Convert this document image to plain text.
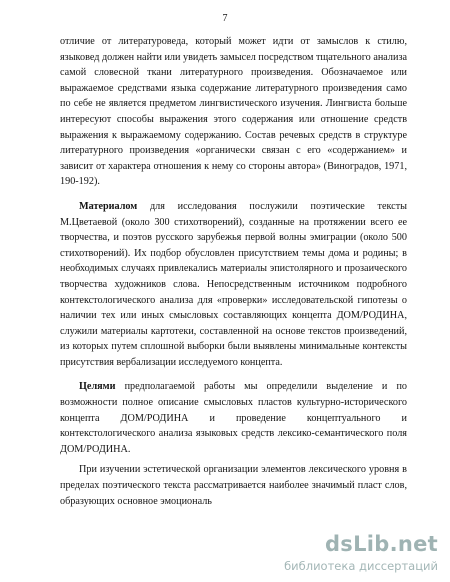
7

отличие от литературоведа, который может идти от замыслов к стилю, языковед должен найти или увидеть замысел посредством тщательного анализа самой словесной ткани литературного произведения. Обозначаемое или выражаемое средствами языка содержание литературного произведения само по себе не является предметом лингвистического изучения. Лингвиста больше интересуют способы выражения этого содержания или отношение средств выражения к выражаемому содержанию. Состав речевых средств в структуре литературного произведения «органически связан с его «содержанием» и зависит от характера отношения к нему со стороны автора» (Виноградов, 1971, 190-192).

Материалом для исследования послужили поэтические тексты М.Цветаевой (около 300 стихотворений), созданные на протяжении всего ее творчества, и поэтов русского зарубежья первой волны эмиграции (около 500 стихотворений). Их подбор обусловлен присутствием темы дома и родины; в необходимых случаях привлекались материалы эпистолярного и прозаического творчества художников слова. Непосредственным источником подробного контекстологического анализа для «проверки» исследовательской гипотезы о наличии тех или иных смысловых составляющих концепта ДОМ/РОДИНА, служили материалы картотеки, составленной на основе текстов произведений, из которых путем сплошной выборки были выявлены минимальные контексты присутствия вербализации исследуемого концепта.

Целями предполагаемой работы мы определили выделение и по возможности полное описание смысловых пластов культурно-исторического концепта ДОМ/РОДИНА и проведение концептуального и контекстологического анализа языковых средств лексико-семантического поля ДОМ/РОДИНА.

При изучении эстетической организации элементов лексического уровня в пределах поэтического текста рассматривается наиболее значимый пласт слов, образующих основное эмоциональ

dsLib.net
библиотека диссертаций
